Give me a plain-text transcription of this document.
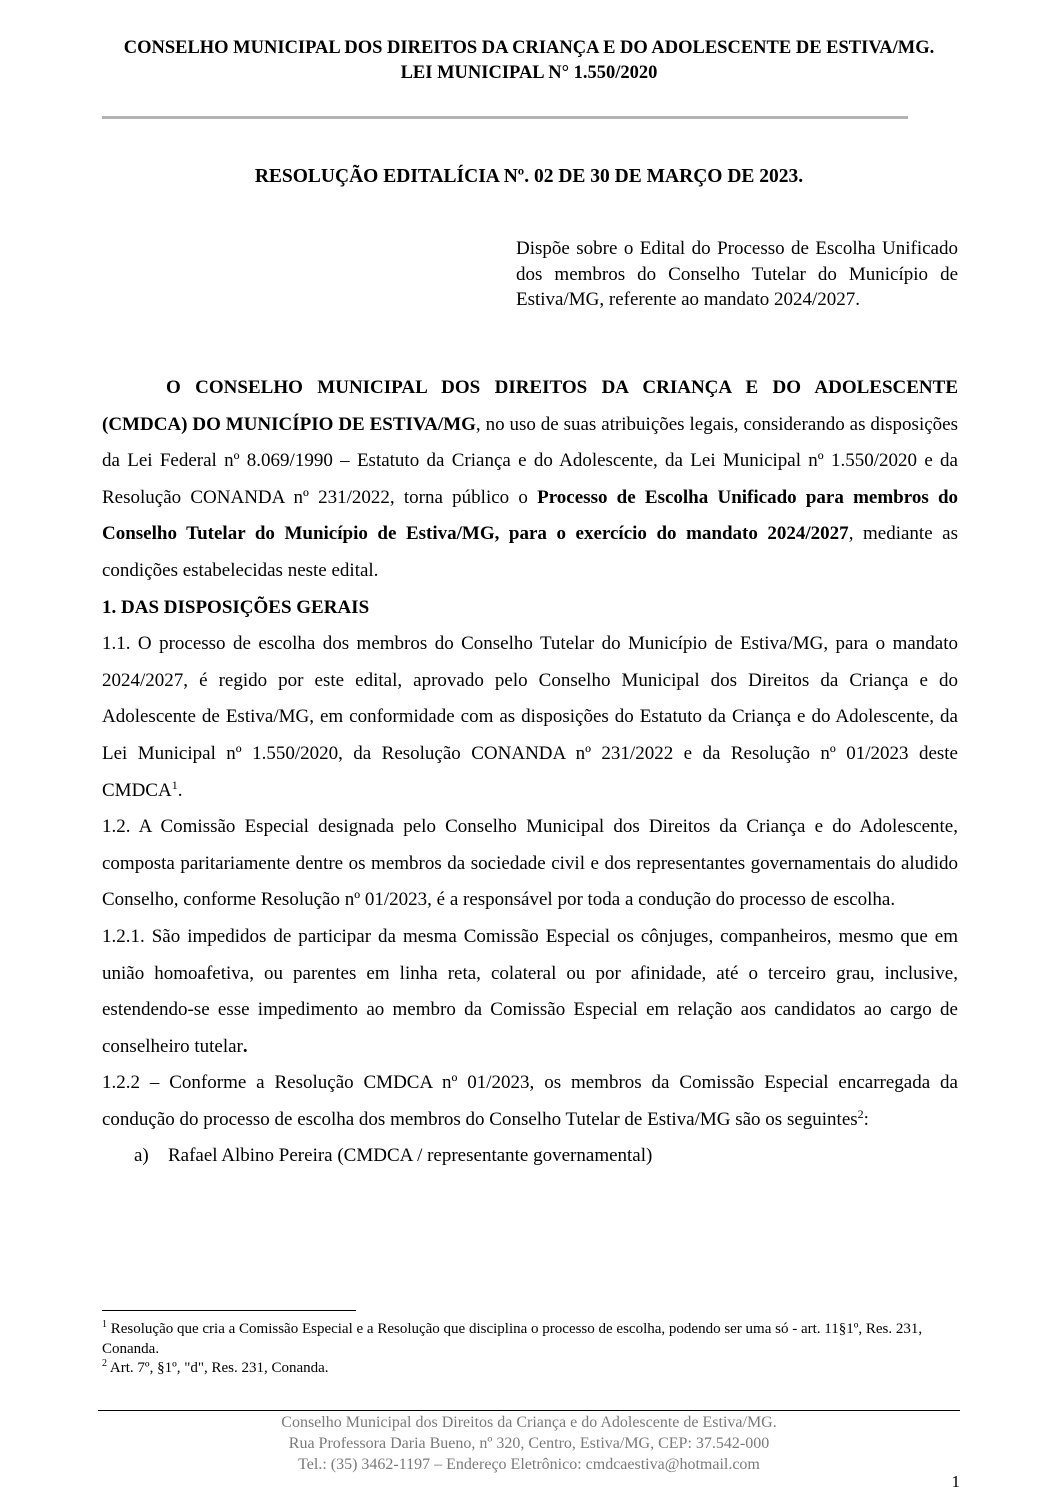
CONSELHO MUNICIPAL DOS DIREITOS DA CRIANÇA E DO ADOLESCENTE DE ESTIVA/MG.
LEI MUNICIPAL N° 1.550/2020
RESOLUÇÃO EDITALÍCIA Nº. 02 DE 30 DE MARÇO DE 2023.
Dispõe sobre o Edital do Processo de Escolha Unificado dos membros do Conselho Tutelar do Município de Estiva/MG, referente ao mandato 2024/2027.

O CONSELHO MUNICIPAL DOS DIREITOS DA CRIANÇA E DO ADOLESCENTE (CMDCA) DO MUNICÍPIO DE ESTIVA/MG, no uso de suas atribuições legais, considerando as disposições da Lei Federal nº 8.069/1990 – Estatuto da Criança e do Adolescente, da Lei Municipal nº 1.550/2020 e da Resolução CONANDA nº 231/2022, torna público o Processo de Escolha Unificado para membros do Conselho Tutelar do Município de Estiva/MG, para o exercício do mandato 2024/2027, mediante as condições estabelecidas neste edital.

1. DAS DISPOSIÇÕES GERAIS

1.1. O processo de escolha dos membros do Conselho Tutelar do Município de Estiva/MG, para o mandato 2024/2027, é regido por este edital, aprovado pelo Conselho Municipal dos Direitos da Criança e do Adolescente de Estiva/MG, em conformidade com as disposições do Estatuto da Criança e do Adolescente, da Lei Municipal nº 1.550/2020, da Resolução CONANDA nº 231/2022 e da Resolução nº 01/2023 deste CMDCA$^1$.

1.2. A Comissão Especial designada pelo Conselho Municipal dos Direitos da Criança e do Adolescente, composta paritariamente dentre os membros da sociedade civil e dos representantes governamentais do aludido Conselho, conforme Resolução nº 01/2023, é a responsável por toda a condução do processo de escolha.

1.2.1. São impedidos de participar da mesma Comissão Especial os cônjuges, companheiros, mesmo que em união homoafetiva, ou parentes em linha reta, colateral ou por afinidade, até o terceiro grau, inclusive, estendendo-se esse impedimento ao membro da Comissão Especial em relação aos candidatos ao cargo de conselheiro tutelar.

1.2.2 – Conforme a Resolução CMDCA nº 01/2023, os membros da Comissão Especial encarregada da condução do processo de escolha dos membros do Conselho Tutelar de Estiva/MG são os seguintes$^2$:

a) Rafael Albino Pereira (CMDCA / representante governamental)

$^1$ Resolução que cria a Comissão Especial e a Resolução que disciplina o processo de escolha, podendo ser uma só - art. 11§1º, Res. 231, Conanda.

$^2$ Art. 7º, §1º, "d", Res. 231, Conanda.

Conselho Municipal dos Direitos da Criança e do Adolescente de Estiva/MG.
Rua Professora Daria Bueno, nº 320, Centro, Estiva/MG, CEP: 37.542-000
Tel.: (35) 3462-1197 – Endereço Eletrônico: cmdcaestiva@hotmail.com
1
